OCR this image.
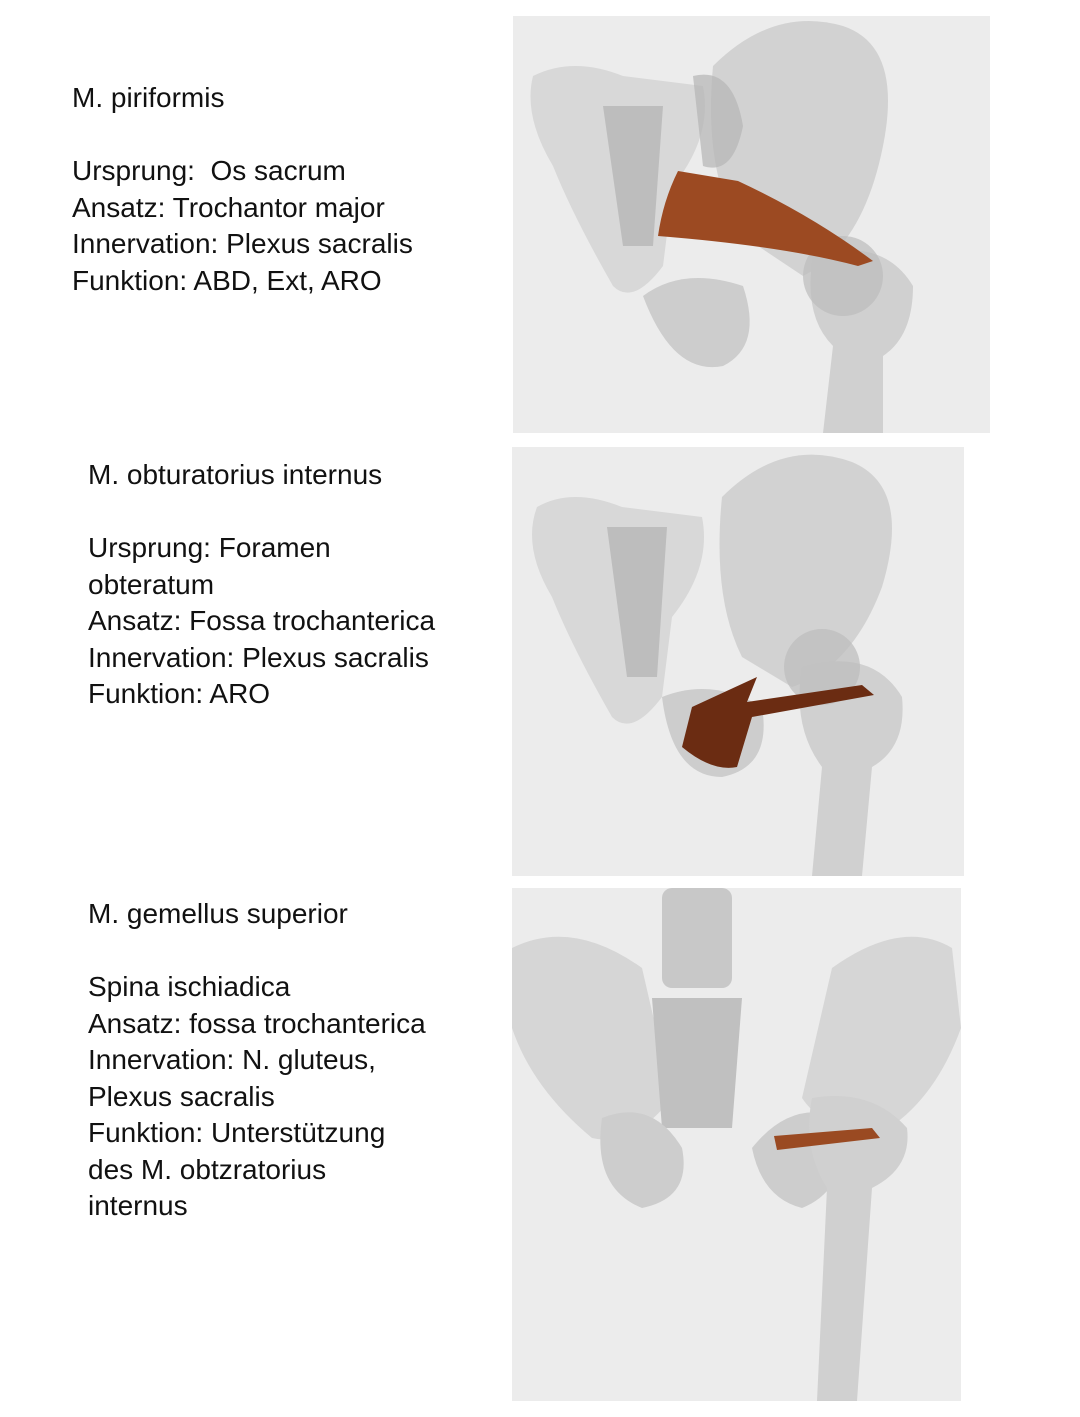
M. piriformis

Ursprung:  Os sacrum

Ansatz: Trochantor major

Innervation: Plexus sacralis

Funktion: ABD, Ext, ARO

M. obturatorius internus

Ursprung: Foramen

obteratum

Ansatz: Fossa trochanterica

Innervation: Plexus sacralis

Funktion: ARO

M. gemellus superior

Spina ischiadica

Ansatz: fossa trochanterica

Innervation: N. gluteus,

Plexus sacralis

Funktion: Unterstützung

des M. obtzratorius

internus
